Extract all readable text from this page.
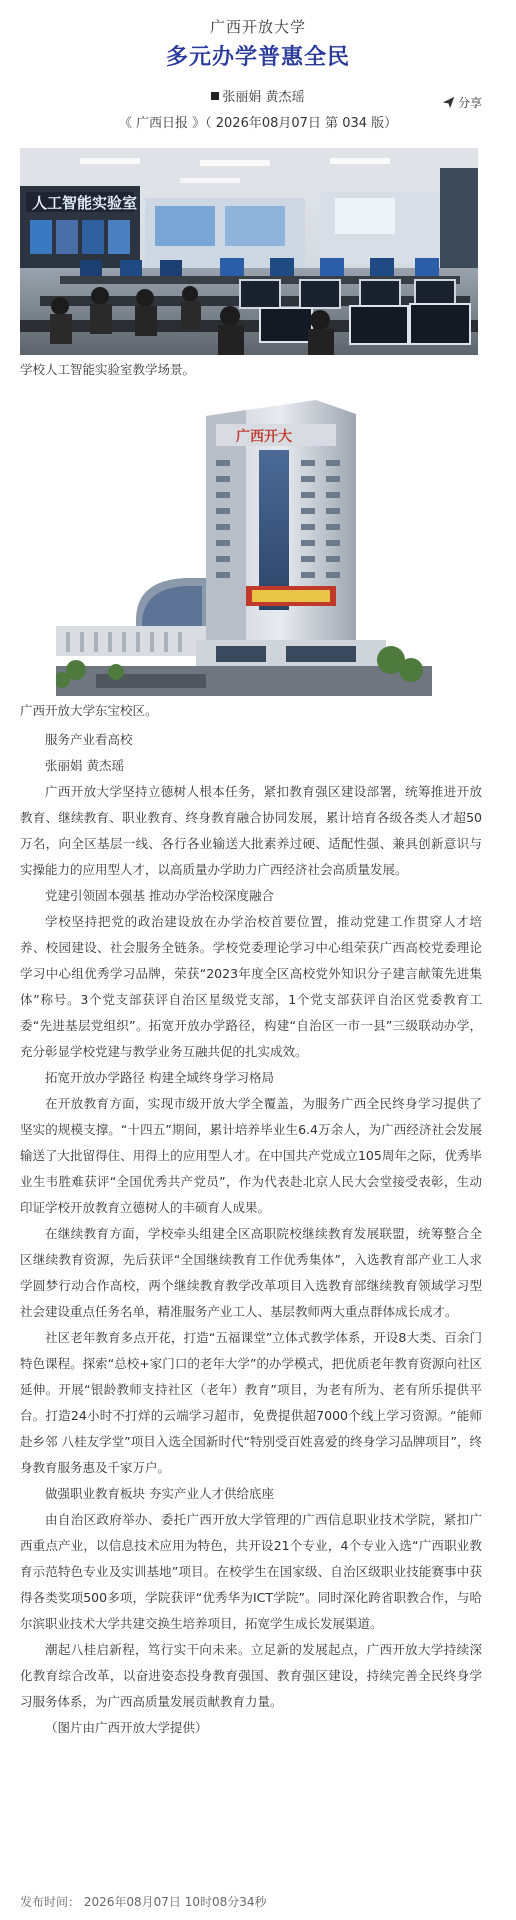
广西开放大学
多元办学普惠全民
张丽娟 黄杰瑶	分享
《 广西日报 》（ 2026年08月07日 第 034 版）
人工智能实验室
学校人工智能实验室教学场景。
广西开大
广西开放大学东宝校区。

服务产业看高校

张丽娟 黄杰瑶

广西开放大学坚持立德树人根本任务，紧扣教育强区建设部署，统筹推进开放教育、继续教育、职业教育、终身教育融合协同发展，累计培育各级各类人才超50万名，向全区基层一线、各行各业输送大批素养过硬、适配性强、兼具创新意识与实操能力的应用型人才，以高质量办学助力广西经济社会高质量发展。

党建引领固本强基 推动办学治校深度融合

学校坚持把党的政治建设放在办学治校首要位置，推动党建工作贯穿人才培养、校园建设、社会服务全链条。学校党委理论学习中心组荣获广西高校党委理论学习中心组优秀学习品牌，荣获“2023年度全区高校党外知识分子建言献策先进集体”称号。3个党支部获评自治区星级党支部，1个党支部获评自治区党委教育工委“先进基层党组织”。拓宽开放办学路径，构建“自治区一市一县”三级联动办学，充分彰显学校党建与教学业务互融共促的扎实成效。

拓宽开放办学路径 构建全域终身学习格局

在开放教育方面，实现市级开放大学全覆盖，为服务广西全民终身学习提供了坚实的规模支撑。“十四五”期间，累计培养毕业生6.4万余人，为广西经济社会发展输送了大批留得住、用得上的应用型人才。在中国共产党成立105周年之际，优秀毕业生韦胜难获评“全国优秀共产党员”，作为代表赴北京人民大会堂接受表彰，生动印证学校开放教育立德树人的丰硕育人成果。

在继续教育方面，学校牵头组建全区高职院校继续教育发展联盟，统筹整合全区继续教育资源，先后获评“全国继续教育工作优秀集体”，入选教育部产业工人求学圆梦行动合作高校，两个继续教育教学改革项目入选教育部继续教育领域学习型社会建设重点任务名单，精准服务产业工人、基层教师两大重点群体成长成才。

社区老年教育多点开花，打造“五福课堂”立体式教学体系，开设8大类、百余门特色课程。探索“总校+家门口的老年大学”的办学模式，把优质老年教育资源向社区延伸。开展“银龄教师支持社区（老年）教育”项目，为老有所为、老有所乐提供平台。打造24小时不打烊的云端学习超市，免费提供超7000个线上学习资源。“能师赴乡邻 八桂友学堂”项目入选全国新时代“特别受百姓喜爱的终身学习品牌项目”，终身教育服务惠及千家万户。

做强职业教育板块 夯实产业人才供给底座

由自治区政府举办、委托广西开放大学管理的广西信息职业技术学院，紧扣广西重点产业，以信息技术应用为特色，共开设21个专业，4个专业入选“广西职业教育示范特色专业及实训基地”项目。在校学生在国家级、自治区级职业技能赛事中获得各类奖项500多项，学院获评“优秀华为ICT学院”。同时深化跨省职教合作，与哈尔滨职业技术大学共建交换生培养项目，拓宽学生成长发展渠道。

潮起八桂启新程，笃行实干向未来。立足新的发展起点，广西开放大学持续深化教育综合改革，以奋进姿态投身教育强国、教育强区建设，持续完善全民终身学习服务体系，为广西高质量发展贡献教育力量。

（图片由广西开放大学提供）

发布时间： 2026年08月07日 10时08分34秒
